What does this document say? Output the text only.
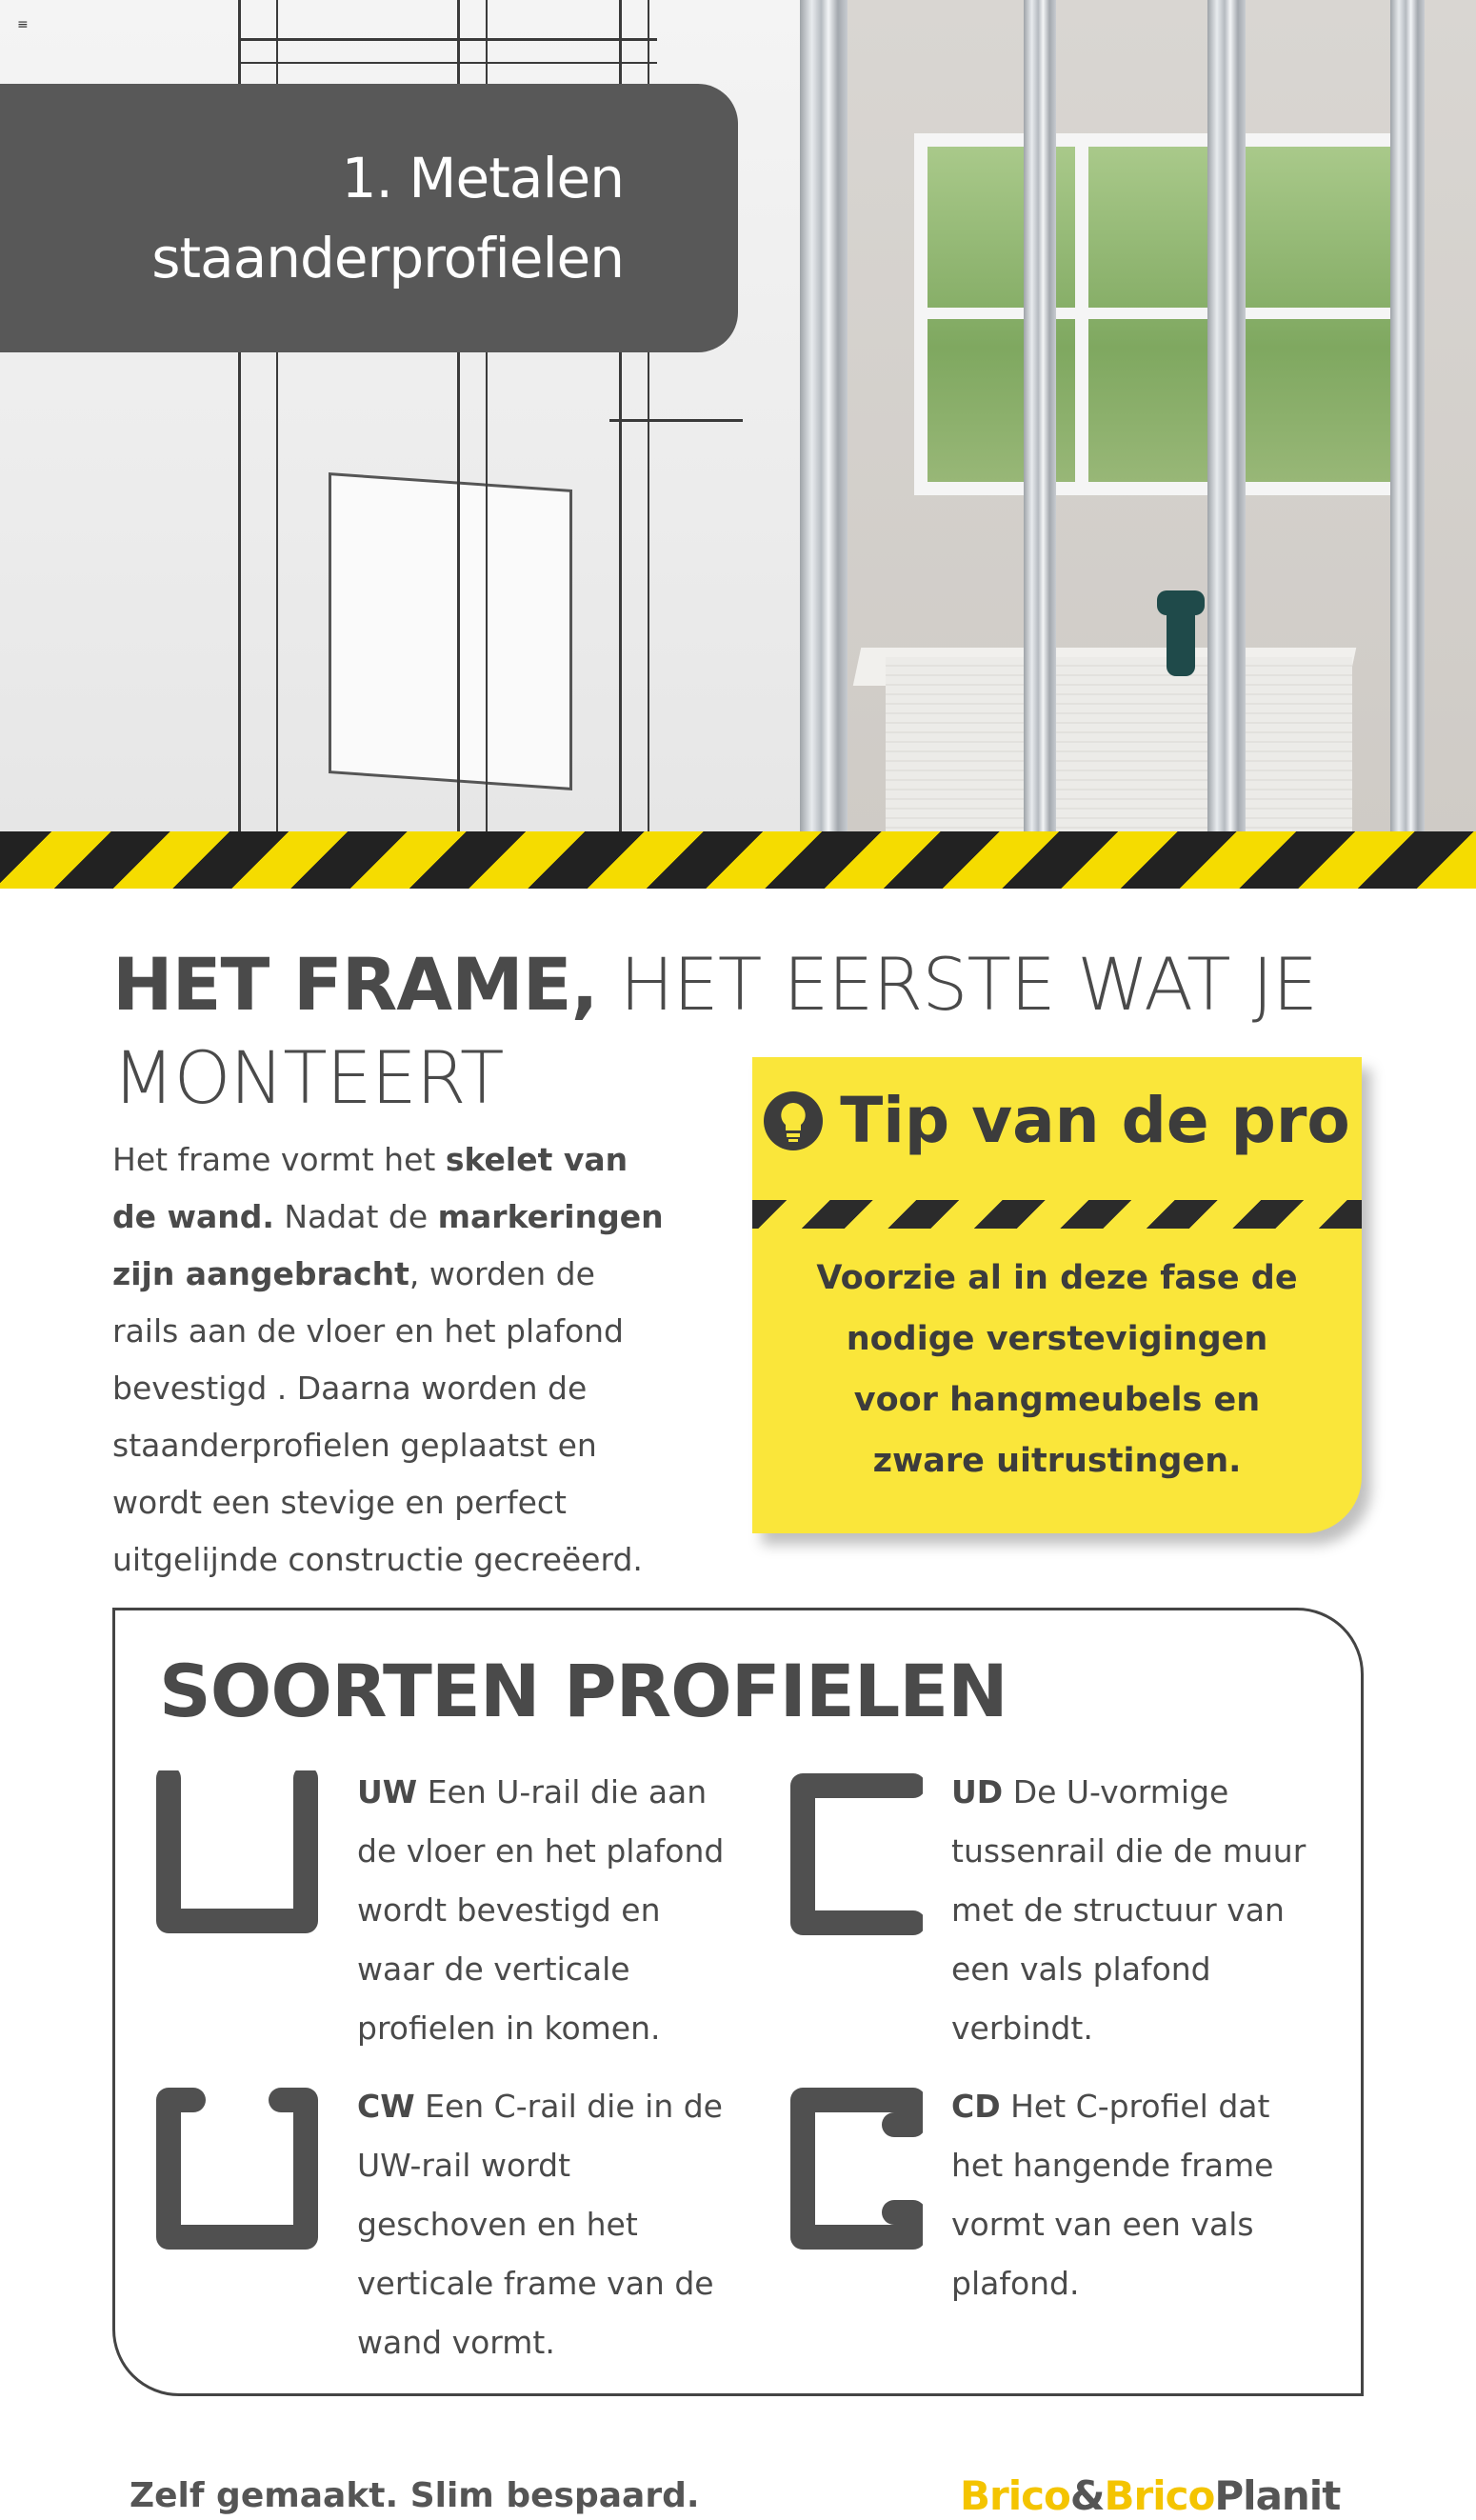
≡
1. Metalen
staanderprofielen
HET FRAME, HET EERSTE WAT JE MONTEERT
Het frame vormt het skelet van de wand. Nadat de markeringen zijn aangebracht, worden de rails aan de vloer en het plafond bevestigd . Daarna worden de staanderprofielen geplaatst en wordt een stevige en perfect uitgelijnde constructie gecreëerd.
Tip van de pro
Voorzie al in deze fase de nodige verstevigingen voor hangmeubels en zware uitrustingen.
SOORTEN PROFIELEN
UW Een U-rail die aan de vloer en het plafond wordt bevestigd en waar de verticale profielen in komen.
UD De U-vormige tussenrail die de muur met de structuur van een vals plafond verbindt.
CW Een C-rail die in de UW-rail wordt geschoven en het verticale frame van de wand vormt.
CD Het C-profiel dat het hangende frame vormt van een vals plafond.
Zelf gemaakt. Slim bespaard.	Brico&BricoPlanit
